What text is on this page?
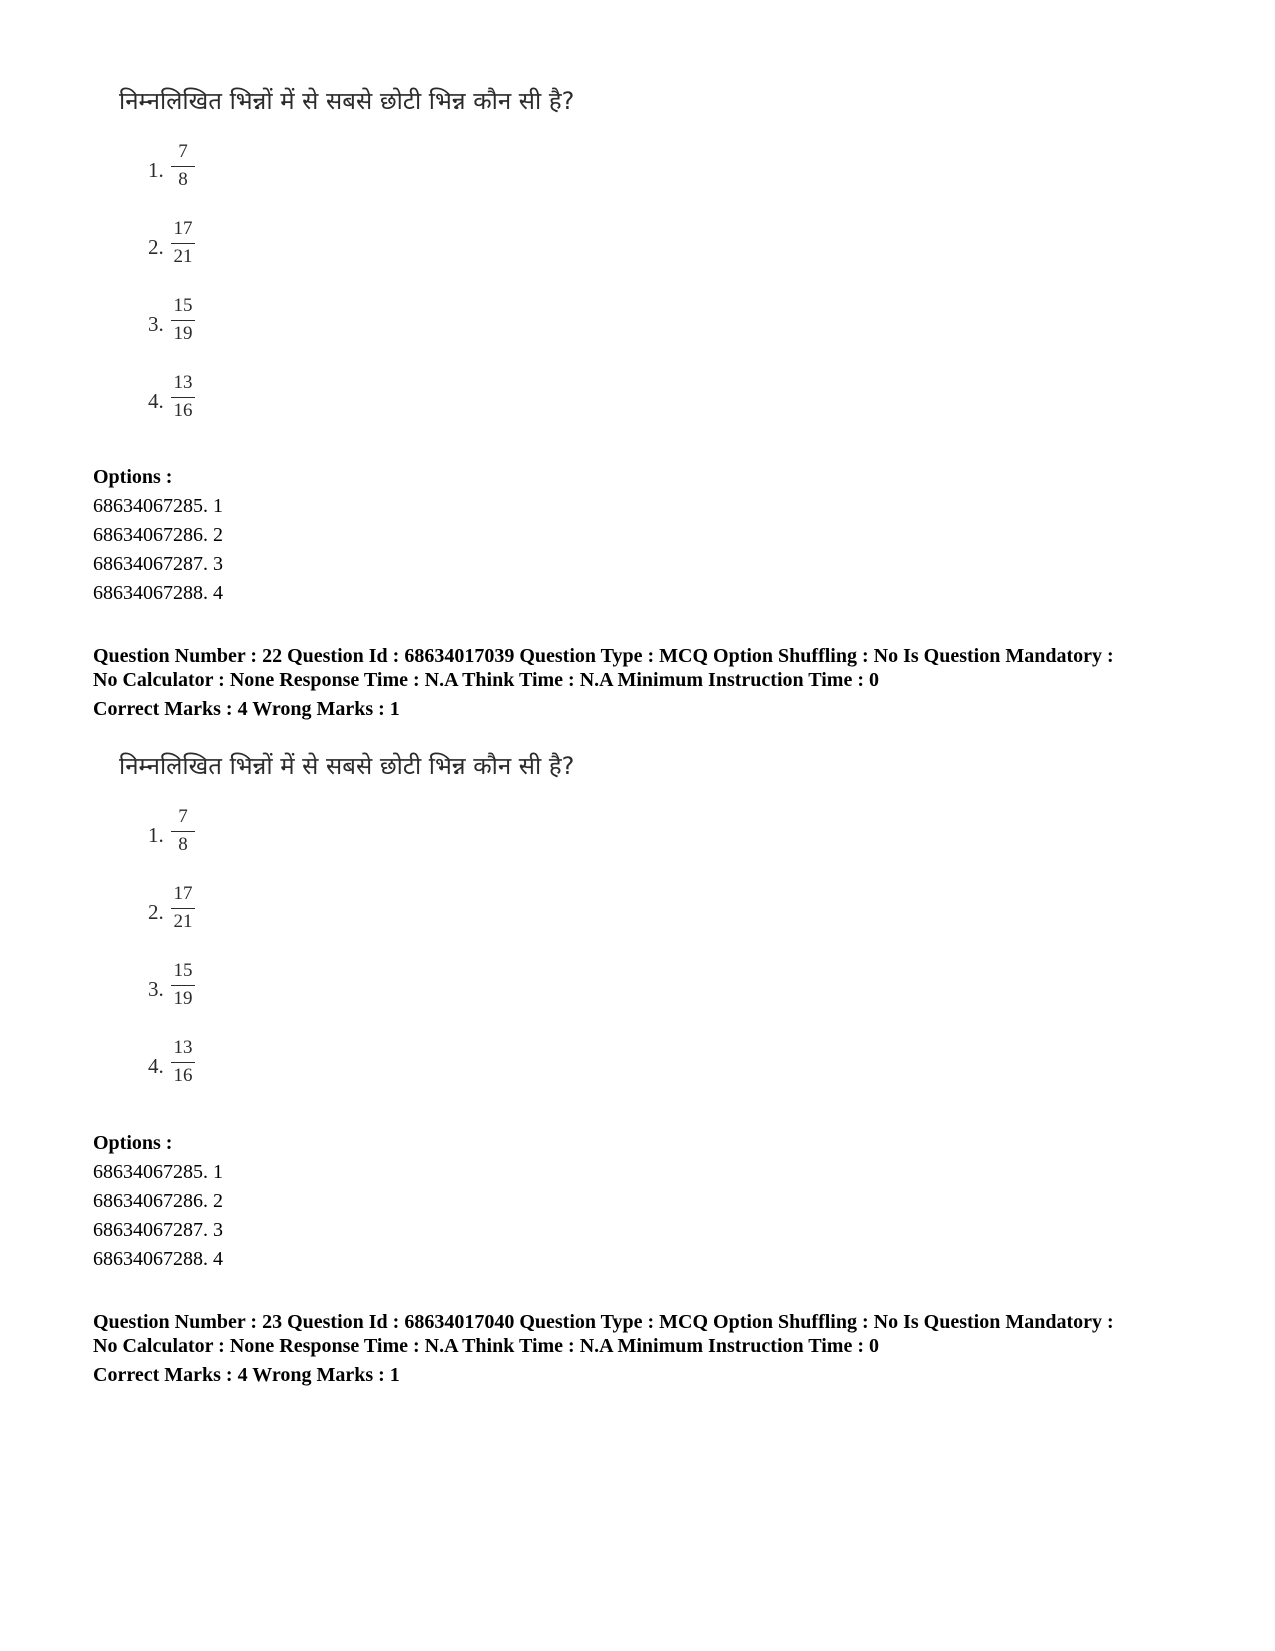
निम्नलिखित भिन्नों में से सबसे छोटी भिन्न कौन सी है?
1.
7
8
2.
17
21
3.
15
19
4.
13
16
Options :
68634067285. 1
68634067286. 2
68634067287. 3
68634067288. 4
Question Number : 22 Question Id : 68634017039 Question Type : MCQ Option Shuffling : No Is Question Mandatory :
No Calculator : None Response Time : N.A Think Time : N.A Minimum Instruction Time : 0
Correct Marks : 4 Wrong Marks : 1
निम्नलिखित भिन्नों में से सबसे छोटी भिन्न कौन सी है?
1.
7
8
2.
17
21
3.
15
19
4.
13
16
Options :
68634067285. 1
68634067286. 2
68634067287. 3
68634067288. 4
Question Number : 23 Question Id : 68634017040 Question Type : MCQ Option Shuffling : No Is Question Mandatory :
No Calculator : None Response Time : N.A Think Time : N.A Minimum Instruction Time : 0
Correct Marks : 4 Wrong Marks : 1
